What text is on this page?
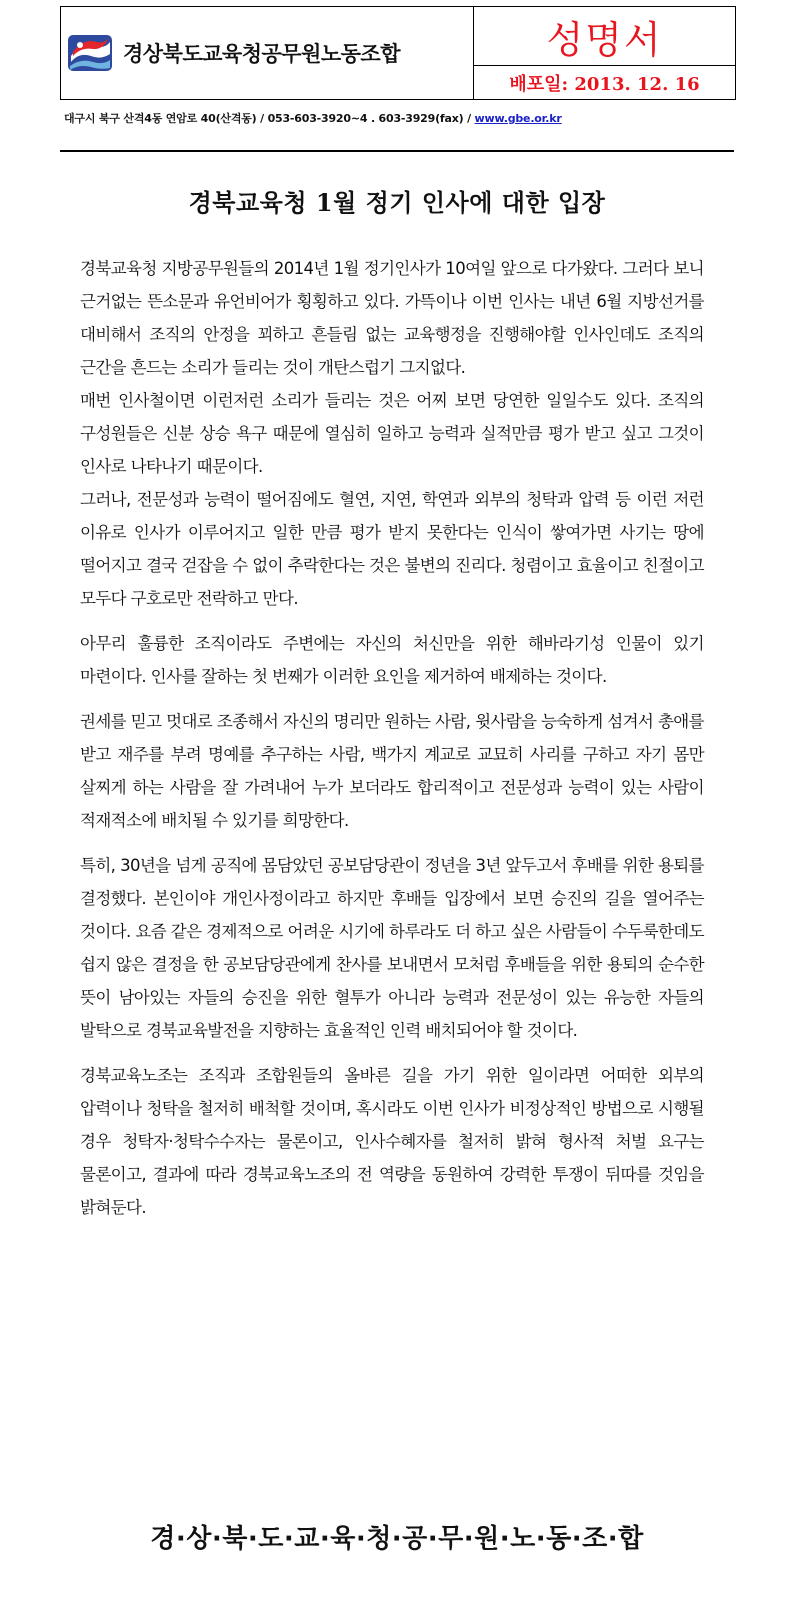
경상북도교육청공무원노동조합	성명서
배포일: 2013. 12. 16
대구시 북구 산격4동 연암로 40(산격동) / 053-603-3920~4 . 603-3929(fax) / www.gbe.or.kr
경북교육청 1월 정기 인사에 대한 입장

경북교육청 지방공무원들의 2014년 1월 정기인사가 10여일 앞으로 다가왔다. 그러다 보니 근거없는 뜬소문과 유언비어가 횡횡하고 있다. 가뜩이나 이번 인사는 내년 6월 지방선거를 대비해서 조직의 안정을 꾀하고 흔들림 없는 교육행정을 진행해야할 인사인데도 조직의 근간을 흔드는 소리가 들리는 것이 개탄스럽기 그지없다.

매번 인사철이면 이런저런 소리가 들리는 것은 어찌 보면 당연한 일일수도 있다. 조직의 구성원들은 신분 상승 욕구 때문에 열심히 일하고 능력과 실적만큼 평가 받고 싶고 그것이 인사로 나타나기 때문이다.

그러나, 전문성과 능력이 떨어짐에도 혈연, 지연, 학연과 외부의 청탁과 압력 등 이런 저런 이유로 인사가 이루어지고 일한 만큼 평가 받지 못한다는 인식이 쌓여가면 사기는 땅에 떨어지고 결국 걷잡을 수 없이 추락한다는 것은 불변의 진리다. 청렴이고 효율이고 친절이고 모두다 구호로만 전락하고 만다.

아무리 훌륭한 조직이라도 주변에는 자신의 처신만을 위한 해바라기성 인물이 있기 마련이다. 인사를 잘하는 첫 번째가 이러한 요인을 제거하여 배제하는 것이다.

권세를 믿고 멋대로 조종해서 자신의 명리만 원하는 사람, 윗사람을 능숙하게 섬겨서 총애를 받고 재주를 부려 명예를 추구하는 사람, 백가지 계교로 교묘히 사리를 구하고 자기 몸만 살찌게 하는 사람을 잘 가려내어 누가 보더라도 합리적이고 전문성과 능력이 있는 사람이 적재적소에 배치될 수 있기를 희망한다.

특히, 30년을 넘게 공직에 몸담았던 공보담당관이 정년을 3년 앞두고서 후배를 위한 용퇴를 결정했다. 본인이야 개인사정이라고 하지만 후배들 입장에서 보면 승진의 길을 열어주는 것이다. 요즘 같은 경제적으로 어려운 시기에 하루라도 더 하고 싶은 사람들이 수두룩한데도 쉽지 않은 결정을 한 공보담당관에게 찬사를 보내면서 모처럼 후배들을 위한 용퇴의 순수한 뜻이 남아있는 자들의 승진을 위한 혈투가 아니라 능력과 전문성이 있는 유능한 자들의 발탁으로 경북교육발전을 지향하는 효율적인 인력 배치되어야 할 것이다.

경북교육노조는 조직과 조합원들의 올바른 길을 가기 위한 일이라면 어떠한 외부의 압력이나 청탁을 철저히 배척할 것이며, 혹시라도 이번 인사가 비정상적인 방법으로 시행될 경우 청탁자·청탁수수자는 물론이고, 인사수혜자를 철저히 밝혀 형사적 처벌 요구는 물론이고, 결과에 따라 경북교육노조의 전 역량을 동원하여 강력한 투쟁이 뒤따를 것임을 밝혀둔다.

경·상·북·도·교·육·청·공·무·원·노·동·조·합
